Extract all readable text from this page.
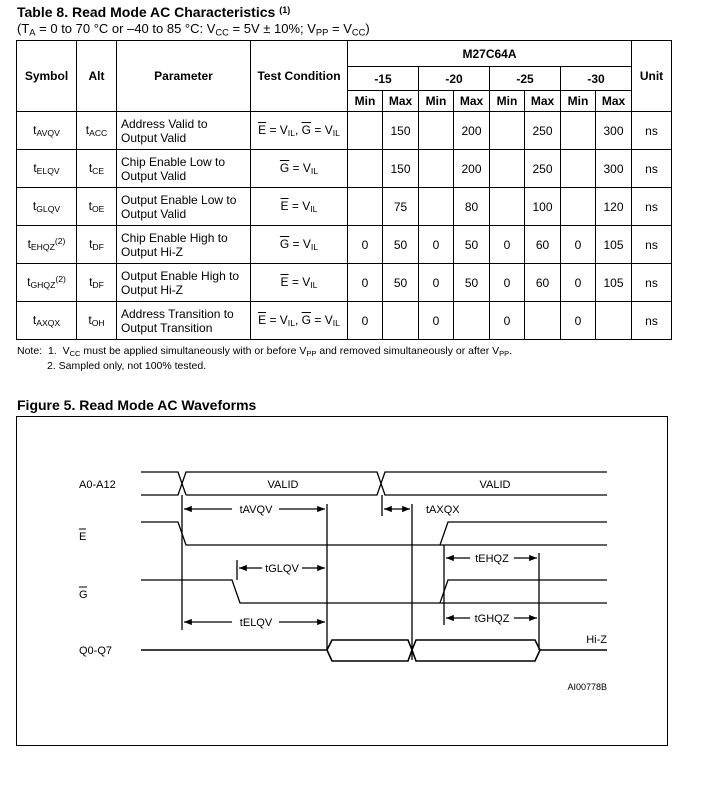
Table 8. Read Mode AC Characteristics $^{(1)}$
($T_A = 0$ to 70 °C or –40 to 85 °C: $V_{CC} = 5V \pm 10\%$; $V_{PP} = V_{CC}$)
Symbol	Alt	Parameter	Test Condition	M27C64A								Unit
				-15		-20		-25		-30		
				Min	Max	Min	Max	Min	Max	Min	Max	
$t_{AVQV}$	$t_{ACC}$	Address Valid to
Output Valid	$\overline{E} = V_{IL}$, $\overline{G} = V_{IL}$		150		200		250		300	ns
$t_{ELQV}$	$t_{CE}$	Chip Enable Low to
Output Valid	$\overline{G} = V_{IL}$		150		200		250		300	ns
$t_{GLQV}$	$t_{OE}$	Output Enable Low to
Output Valid	$\overline{E} = V_{IL}$		75		80		100		120	ns
$t_{EHQZ}^{(2)}$	$t_{DF}$	Chip Enable High to
Output Hi-Z	$\overline{G} = V_{IL}$	0	50	0	50	0	60	0	105	ns
$t_{GHQZ}^{(2)}$	$t_{DF}$	Output Enable High to
Output Hi-Z	$\overline{E} = V_{IL}$	0	50	0	50	0	60	0	105	ns
$t_{AXQX}$	$t_{OH}$	Address Transition to
Output Transition	$\overline{E} = V_{IL}$, $\overline{G} = V_{IL}$	0		0		0		0		ns
Note: 1. $V_{CC}$ must be applied simultaneously with or before $V_{PP}$ and removed simultaneously or after $V_{PP}$.
2. Sampled only, not 100% tested.
Figure 5. Read Mode AC Waveforms
A0-A12
E
G
Q0-Q7
VALID	VALID
tAVQV	tAXQX
tGLQV
tEHQZ
tELQV	tGHQZ
Hi-Z
AI00778B
